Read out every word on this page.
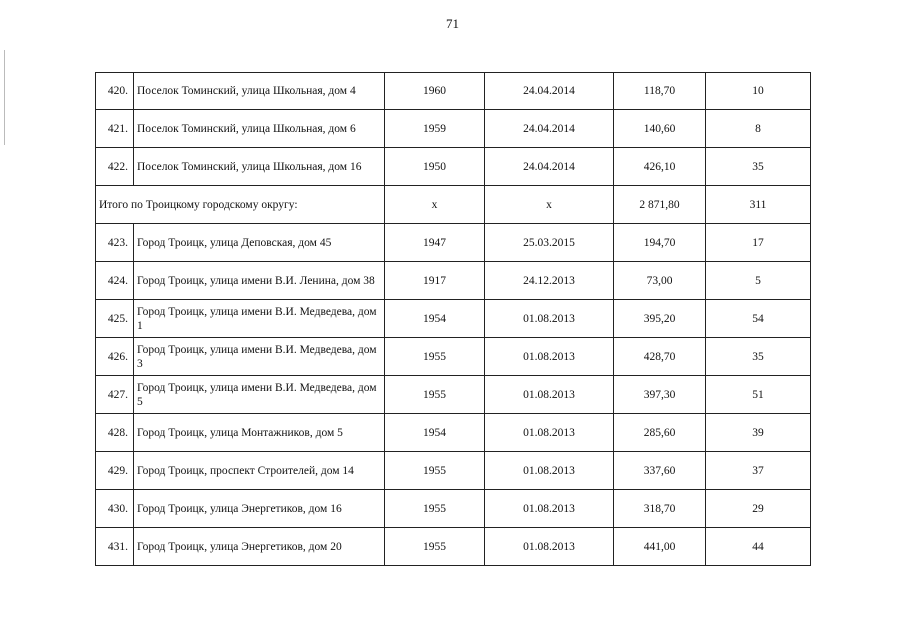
71
420.	Поселок Томинский, улица Школьная, дом 4	1960	24.04.2014	118,70	10
421.	Поселок Томинский, улица Школьная, дом 6	1959	24.04.2014	140,60	8
422.	Поселок Томинский, улица Школьная, дом 16	1950	24.04.2014	426,10	35
Итого по Троицкому городскому округу:		х	х	2 871,80	311
423.	Город Троицк, улица Деповская, дом 45	1947	25.03.2015	194,70	17
424.	Город Троицк, улица имени В.И. Ленина, дом 38	1917	24.12.2013	73,00	5
425.	Город Троицк, улица имени В.И. Медведева, дом 1	1954	01.08.2013	395,20	54
426.	Город Троицк, улица имени В.И. Медведева, дом 3	1955	01.08.2013	428,70	35
427.	Город Троицк, улица имени В.И. Медведева, дом 5	1955	01.08.2013	397,30	51
428.	Город Троицк, улица Монтажников, дом 5	1954	01.08.2013	285,60	39
429.	Город Троицк, проспект Строителей, дом 14	1955	01.08.2013	337,60	37
430.	Город Троицк, улица Энергетиков, дом 16	1955	01.08.2013	318,70	29
431.	Город Троицк, улица Энергетиков, дом 20	1955	01.08.2013	441,00	44
